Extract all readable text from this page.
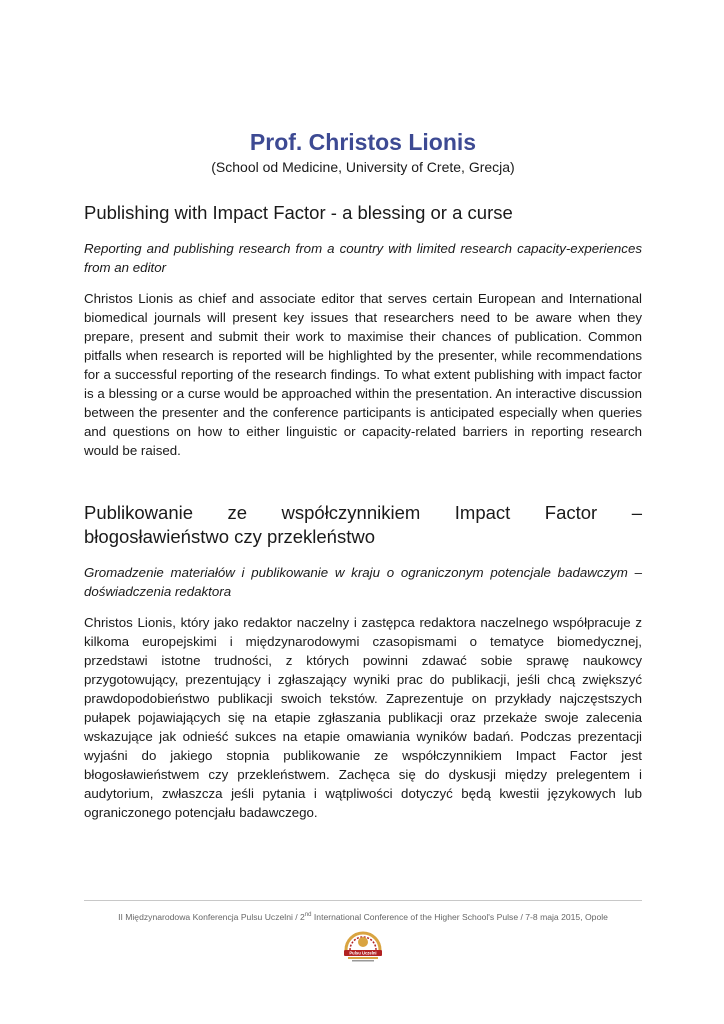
Prof. Christos Lionis
(School od Medicine, University of Crete, Grecja)
Publishing with Impact Factor - a blessing or a curse
Reporting and publishing research from a country with limited research capacity-experiences from an editor
Christos Lionis as chief and associate editor that serves certain European and International biomedical journals will present key issues that researchers need to be aware when they prepare, present and submit their work to maximise their chances of publication. Common pitfalls when research is reported will be highlighted by the presenter, while recommendations for a successful reporting of the research findings. To what extent publishing with impact factor is a blessing or a curse would be approached within the presentation. An interactive discussion between the presenter and the conference participants is anticipated especially when queries and questions on how to either linguistic or capacity-related barriers in reporting research would be raised.
Publikowanie ze współczynnikiem Impact Factor – błogosławieństwo czy przekleństwo
Gromadzenie materiałów i publikowanie w kraju o ograniczonym potencjale badawczym – doświadczenia redaktora
Christos Lionis, który jako redaktor naczelny i zastępca redaktora naczelnego współpracuje z kilkoma europejskimi i międzynarodowymi czasopismami o tematyce biomedycznej, przedstawi istotne trudności, z których powinni zdawać sobie sprawę naukowcy przygotowujący, prezentujący i zgłaszający wyniki prac do publikacji, jeśli chcą zwiększyć prawdopodobieństwo publikacji swoich tekstów. Zaprezentuje on przykłady najczęstszych pułapek pojawiających się na etapie zgłaszania publikacji oraz przekaże swoje zalecenia wskazujące jak odnieść sukces na etapie omawiania wyników badań. Podczas prezentacji wyjaśni do jakiego stopnia publikowanie ze współczynnikiem Impact Factor jest błogosławieństwem czy przekleństwem. Zachęca się do dyskusji między prelegentem i audytorium, zwłaszcza jeśli pytania i wątpliwości dotyczyć będą kwestii językowych lub ograniczonego potencjału badawczego.
II Międzynarodowa Konferencja Pulsu Uczelni / 2nd International Conference of the Higher School's Pulse / 7-8 maja 2015, Opole
Pulsu Uczelni
